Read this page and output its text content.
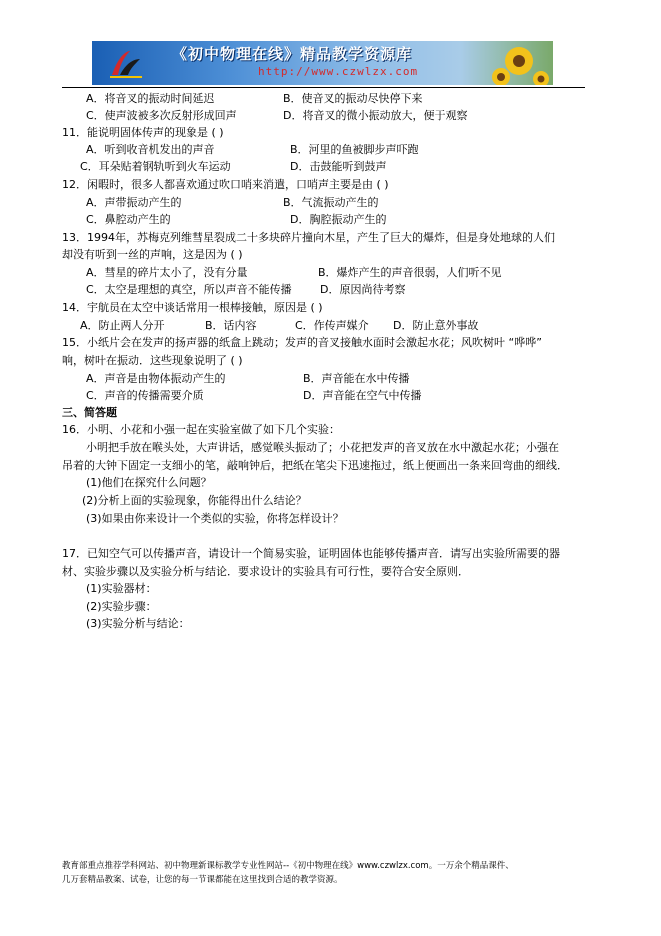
《初中物理在线》精品教学资源库
http://www.czwlzx.com
A．将音叉的振动时间延迟	B．使音叉的振动尽快停下来
C．使声波被多次反射形成回声	D．将音叉的微小振动放大，便于观察
11．能说明固体传声的现象是 ( )
A．听到收音机发出的声音	B．河里的鱼被脚步声吓跑
C．耳朵贴着钢轨听到火车运动	D．击鼓能听到鼓声
12．闲暇时，很多人都喜欢通过吹口哨来消遣，口哨声主要是由 ( )
A．声带振动产生的	B．气流振动产生的
C．鼻腔动产生的	D．胸腔振动产生的
13．1994年，苏梅克列维彗星裂成二十多块碎片撞向木星，产生了巨大的爆炸，但是身处地球的人们
却没有听到一丝的声响，这是因为 ( )
A．彗星的碎片太小了，没有分量	B．爆炸产生的声音很弱，人们听不见
C．太空是理想的真空，所以声音不能传播	D．原因尚待考察
14．宇航员在太空中谈话常用一根棒接触，原因是 ( )
A．防止两人分开	B．话内容	C．作传声媒介 D．防止意外事故
15．小纸片会在发声的扬声器的纸盒上跳动；发声的音叉接触水面时会激起水花；风吹树叶 “哗哗”
响，树叶在振动．这些现象说明了 ( )
A．声音是由物体振动产生的	B．声音能在水中传播
C．声音的传播需要介质	D．声音能在空气中传播
三、简答题
16．小明、小花和小强一起在实验室做了如下几个实验：
小明把手放在喉头处，大声讲话，感觉喉头振动了；小花把发声的音叉放在水中激起水花；小强在
吊着的大钟下固定一支细小的笔，敲响钟后，把纸在笔尖下迅速拖过，纸上便画出一条来回弯曲的细线．
(1)他们在探究什么问题？
(2)分析上面的实验现象，你能得出什么结论？
(3)如果由你来设计一个类似的实验，你将怎样设计？
17．已知空气可以传播声音，请设计一个简易实验，证明固体也能够传播声音．请写出实验所需要的器
材、实验步骤以及实验分析与结论．要求设计的实验具有可行性，要符合安全原则．
(1)实验器材：
(2)实验步骤：
(3)实验分析与结论：
教育部重点推荐学科网站、初中物理新课标教学专业性网站--《初中物理在线》www.czwlzx.com。一万余个精品课件、
几万套精品教案、试卷，让您的每一节课都能在这里找到合适的教学资源。
